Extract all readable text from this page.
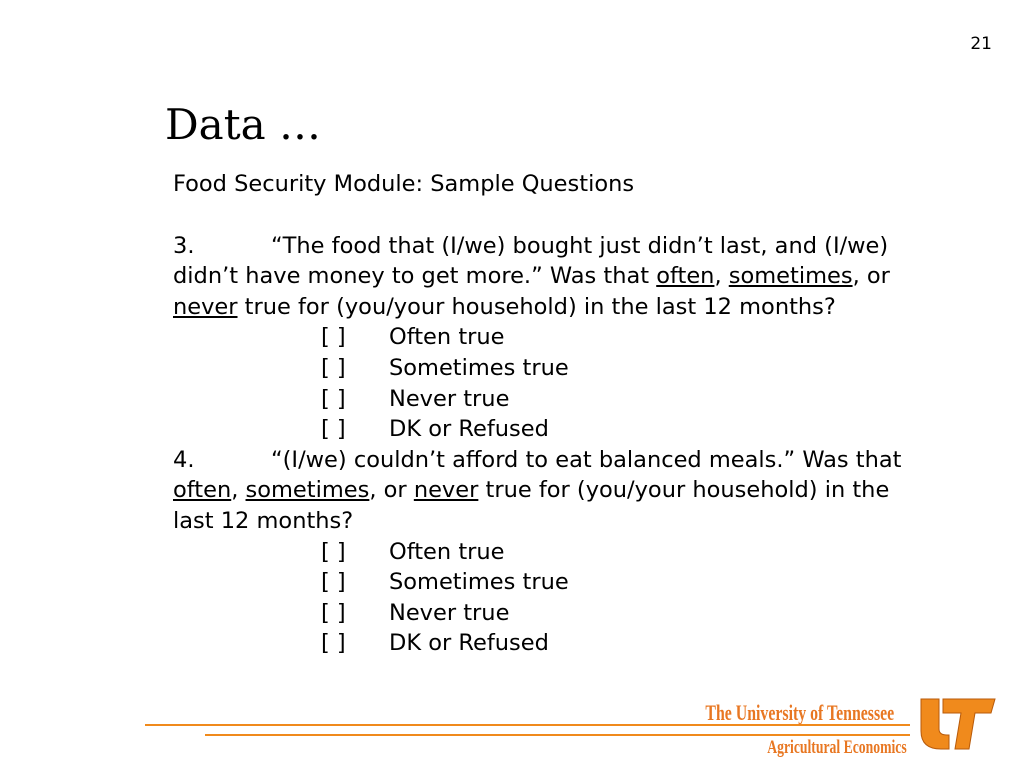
21
Data …

Food Security Module: Sample Questions

3.	“The food that (I/we) bought just didn’t last, and (I/we) didn’t have money to get more.” Was that often, sometimes, or never true for (you/your household) in the last 12 months?

[ ] Often true
[ ] Sometimes true
[ ] Never true
[ ] DK or Refused

4.	“(I/we) couldn’t afford to eat balanced meals.” Was that often, sometimes, or never true for (you/your household) in the last 12 months?

[ ] Often true
[ ] Sometimes true
[ ] Never true
[ ] DK or Refused
The University of Tennessee
Agricultural Economics
